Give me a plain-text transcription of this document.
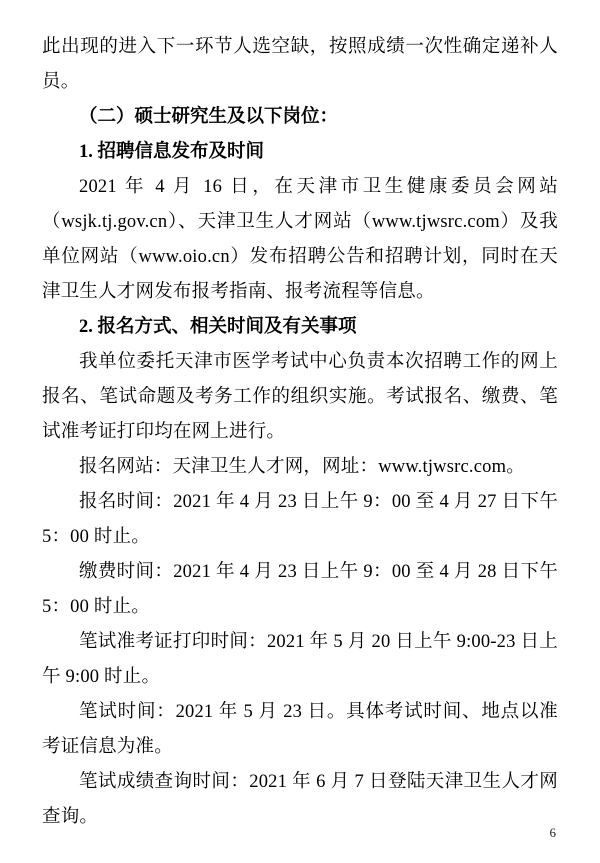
此出现的进入下一环节人选空缺，按照成绩一次性确定递补人员。

（二）硕士研究生及以下岗位：

1. 招聘信息发布及时间

2021 年 4 月 16 日，在天津市卫生健康委员会网站（wsjk.tj.gov.cn）、天津卫生人才网站（www.tjwsrc.com）及我单位网站（www.oio.cn）发布招聘公告和招聘计划，同时在天津卫生人才网发布报考指南、报考流程等信息。

2. 报名方式、相关时间及有关事项

我单位委托天津市医学考试中心负责本次招聘工作的网上报名、笔试命题及考务工作的组织实施。考试报名、缴费、笔试准考证打印均在网上进行。

报名网站：天津卫生人才网，网址：www.tjwsrc.com。

报名时间：2021 年 4 月 23 日上午 9：00 至 4 月 27 日下午 5：00 时止。

缴费时间：2021 年 4 月 23 日上午 9：00 至 4 月 28 日下午 5：00 时止。

笔试准考证打印时间：2021 年 5 月 20 日上午 9:00-23 日上午 9:00 时止。

笔试时间：2021 年 5 月 23 日。具体考试时间、地点以准考证信息为准。

笔试成绩查询时间：2021 年 6 月 7 日登陆天津卫生人才网查询。

6
